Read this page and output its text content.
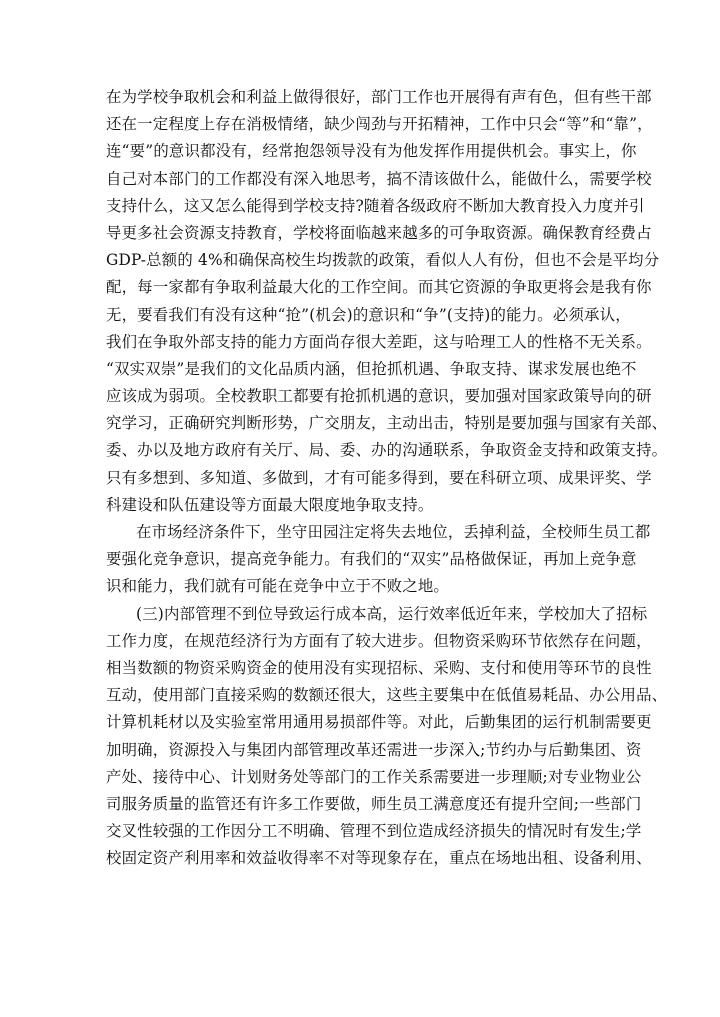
在为学校争取机会和利益上做得很好，部门工作也开展得有声有色，但有些干部
还在一定程度上存在消极情绪，缺少闯劲与开拓精神，工作中只会“等”和“靠”，
连“要”的意识都没有，经常抱怨领导没有为他发挥作用提供机会。事实上，你
自己对本部门的工作都没有深入地思考，搞不清该做什么，能做什么，需要学校
支持什么，这又怎么能得到学校支持?随着各级政府不断加大教育投入力度并引
导更多社会资源支持教育，学校将面临越来越多的可争取资源。确保教育经费占
GDP-总额的 4%和确保高校生均拨款的政策，看似人人有份，但也不会是平均分
配，每一家都有争取利益最大化的工作空间。而其它资源的争取更将会是我有你
无，要看我们有没有这种“抢”(机会)的意识和“争”(支持)的能力。必须承认，
我们在争取外部支持的能力方面尚存很大差距，这与哈理工人的性格不无关系。
“双实双崇”是我们的文化品质内涵，但抢抓机遇、争取支持、谋求发展也绝不
应该成为弱项。全校教职工都要有抢抓机遇的意识，要加强对国家政策导向的研
究学习，正确研究判断形势，广交朋友，主动出击，特别是要加强与国家有关部、
委、办以及地方政府有关厅、局、委、办的沟通联系，争取资金支持和政策支持。
只有多想到、多知道、多做到，才有可能多得到，要在科研立项、成果评奖、学
科建设和队伍建设等方面最大限度地争取支持。
在市场经济条件下，坐守田园注定将失去地位，丢掉利益，全校师生员工都
要强化竞争意识，提高竞争能力。有我们的“双实”品格做保证，再加上竞争意
识和能力，我们就有可能在竞争中立于不败之地。
(三)内部管理不到位导致运行成本高，运行效率低近年来，学校加大了招标
工作力度，在规范经济行为方面有了较大进步。但物资采购环节依然存在问题，
相当数额的物资采购资金的使用没有实现招标、采购、支付和使用等环节的良性
互动，使用部门直接采购的数额还很大，这些主要集中在低值易耗品、办公用品、
计算机耗材以及实验室常用通用易损部件等。对此，后勤集团的运行机制需要更
加明确，资源投入与集团内部管理改革还需进一步深入;节约办与后勤集团、资
产处、接待中心、计划财务处等部门的工作关系需要进一步理顺;对专业物业公
司服务质量的监管还有许多工作要做，师生员工满意度还有提升空间;一些部门
交叉性较强的工作因分工不明确、管理不到位造成经济损失的情况时有发生;学
校固定资产利用率和效益收得率不对等现象存在，重点在场地出租、设备利用、
